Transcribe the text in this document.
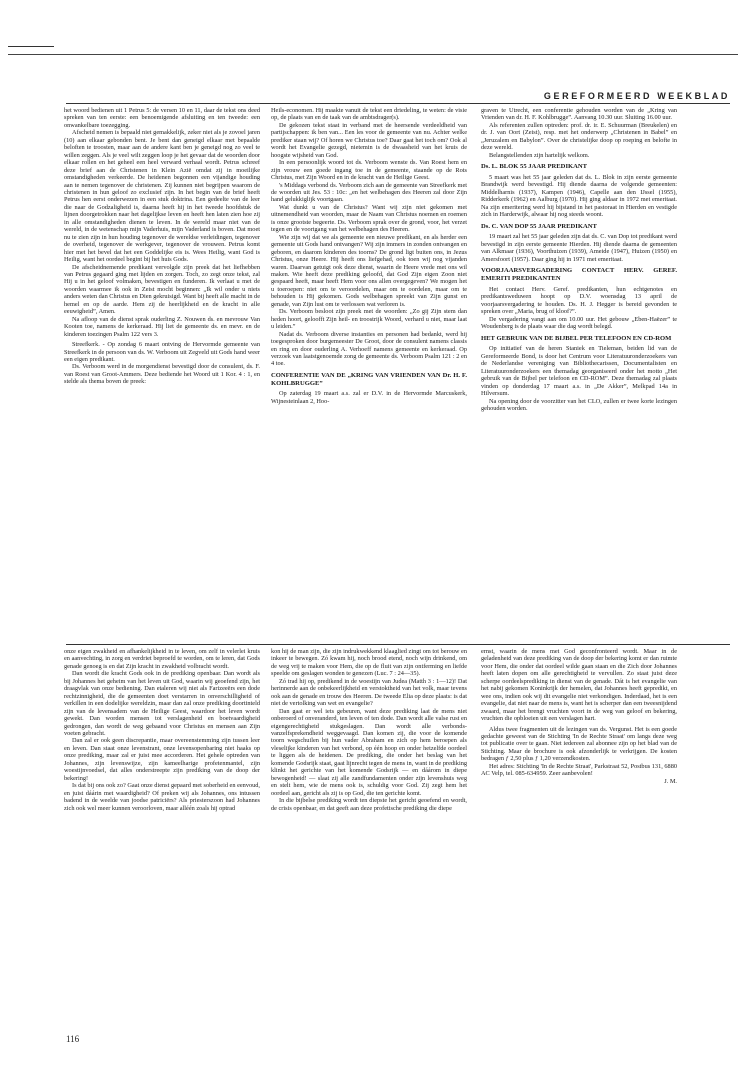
GEREFORMEERD WEEKBLAD

het woord bedienen uit 1 Petrus 5: de versen 10 en 11, daar de tekst ons deed spreken van ten eerste: een benoemigende afsluiting en ten tweede: een onwankelbare toezegging.

Afscheid nemen is bepaald niet gemakkelijk, zeker niet als je zovoel jaren (10) aan elkaar gebonden bent. Je bent dan geneigd elkaar met bepaalde beloften te troosten, maar aan de andere kant ben je geneigd nog zo veel te willen zeggen. Als je veel wilt zeggen loop je het gevaar dat de woorden door elkaar rollen en het geheel een heel verward verhaal wordt. Petrus schreef deze brief aan de Christenen in Klein Azië omdat zij in moeilijke omstandigheden verkeerde. De heidenen begonnen een vijandige houding aan te nemen tegenover de christenen. Zij kunnen niet begrijpen waarom de christenen in hun geloof zo exclusief zijn. In het begin van de brief heeft Petrus hen eerst onderwezen in een stuk doktrina. Een gedeelte van de leer die naar de Godzaligheid is, daarna heeft hij in het tweede hoofdstuk de lijnen doorgetrokken naar het dagelijkse leven en heeft hen laten zien hoe zij in alle omstandigheden dienen te leven. In de wereld maar niet van de wereld, in de wetenschap mijn Vaderhuis, mijn Vaderland is boven. Dat moet nu te zien zijn in hun houding tegenover de wereldse verleidingen, tegenover de overheid, tegenover de werkgever, tegenover de vrouwen. Petrus komt hier met het bevel dat het een Goddelijke eis is. Wees Heilig, want God is Heilig, want het oordeel begint bij het huis Gods.

De afscheidnemende predikant vervolgde zijn preek dat het liefhebben van Petrus gegaard ging met lijden en zorgen. Toch, zo zegt onze tekst, zal Hij u in het geloof volmaken, bevestigen en funderen. Ik verlaat u met de woorden waarmee ik ook in Zeist mocht beginnen: „Ik wil onder u niets anders weten dan Christus en Dien gekruisigd. Want bij heeft alle macht in de hemel en op de aarde. Hem zij de heerlijkheid en de kracht in alle eeuwigheid”, Amen.

Na afloop van de dienst sprak ouderling Z. Nouwen ds. en mevrouw Van Kooten toe, namens de kerkeraad. Hij liet de gemeente ds. en mevr. en de kinderen toezingen Psalm 122 vers 3.

Streefkerk. - Op zondag 6 maart ontving de Hervormde gemeente van Streefkerk in de persoon van ds. W. Verboom uit Zegveld uit Gods hand weer een eigen predikant.

Ds. Verboom werd in de morgendienst bevestigd door de consulent, ds. F. van Roest van Groot-Ammers. Deze bediende het Woord uit 1 Kor. 4 : 1, en stelde als thema boven de preek:

Heils-economen. Hij maakte vanuit de tekst een driedeling, te weten: de visie op, de plaats van en de taak van de ambtsdrager(s).

De gekozen tekst staat in verband met de heersende verdeeldheid van partijschappen: ik ben van... Een les voor de gemeente van nu. Achter welke prediker staan wij? Of horen we Christus toe? Daar gaat het toch om? Ook al wordt het Evangelie gezegd, nietemin is de dwaasheid van het kruis de hoogste wijsheid van God.

In een persoonlijk woord tot ds. Verboom wenste ds. Van Roest hem en zijn vrouw een goede ingang toe in de gemeente, staande op de Rots Christus, met Zijn Woord en in de kracht van de Heilige Geest.

's Middags verbond ds. Verboom zich aan de gemeente van Streefkerk met de woorden uit Jes. 53 : 10c: „en het welbehagen des Heeren zal door Zijn hand gelukkiglijk voortgaan.

Wat dunkt u van de Christus? Want wij zijn niet gekomen met uitnemendheid van woorden, maar de Naam van Christus noemen en roemen is onze grootste begeerte. Ds. Verboom sprak over de grond, voor, het verzet tegen en de voortgang van het welbehagen des Heeren.

Wie zijn wij dat we als gemeente een nieuwe predikant, en als herder een gemeente uit Gods hand ontvangen? Wij zijn immers in zonden ontvangen en geboren, en daarom kinderen des toorns? De grond ligt buiten ons, in Jezus Christus, onze Heere. Hij heeft ons liefgehad, ook toen wij nog vijanden waren. Daarvan getuigt ook deze dienst, waarin de Heere vrede met ons wil maken. Wie heeft deze prediking geloofd, dat God Zijn eigen Zoon niet gespaard heeft, maar heeft Hem voor ons allen overgegeven? We mogen het u toeroepen: niet om te veroordelen, maar om te oordelen, maar om te behouden is Hij gekomen. Gods welbehagen spreekt van Zijn gunst en genade, van Zijn lust om te verlossen wat verloren is.

Ds. Verboom besloot zijn preek met de woorden: „Zo gij Zijn stem dan heden hoort, geloofft Zijn heil- en troostrijk Woord, verhard u niet, maar laat u leiden.”

Nadat ds. Verboom diverse instanties en personen had bedankt, werd hij toegesproken door burgemeester De Groot, door de consulent namens classis en ring en door ouderling A. Verhoeff namens gemeente en kerkeraad. Op verzoek van laatstgenoemde zong de gemeente ds. Verboom Psalm 121 : 2 en 4 toe.

CONFERENTIE VAN DE „KRING VAN VRIENDEN VAN Dr. H. F. KOHLBRUGGE”

Op zaterdag 19 maart a.s. zal er D.V. in de Hervormde Marcuskerk, Wijnesteinlaan 2, Hoo-

graven te Utrecht, een conferentie gehouden worden van de „Kring van Vrienden van dr. H. F. Kohlbrugge”. Aanvang 10.30 uur. Sluiting 16.00 uur.

Als referenten zullen optreden: prof. dr. ir. E. Schuurman (Breukelen) en dr. J. van Oort (Zeist), resp. met het onderwerp „Christenen in Babel” en „Jeruzalem en Babylon”. Over de christelijke doop op roeping en belofte in deze wereld.

Belangstellenden zijn hartelijk welkom.

Ds. L. BLOK 55 JAAR PREDIKANT

5 maart was het 55 jaar geleden dat ds. L. Blok in zijn eerste gemeente Brandwijk werd bevestigd. Hij diende daarna de volgende gemeenten: Middelharnis (1937), Kampen (1946), Capelle aan den IJssel (1955), Ridderkerk (1962) en Aalburg (1970). Hij ging aldaar in 1972 met emeritaat. Na zijn emeritering werd hij bijstand in het pastoraat in Hierden en vestigde zich in Harderwijk, alwaar hij nog steeds woont.

Ds. C. VAN DOP 55 JAAR PREDIKANT

19 maart zal het 55 jaar geleden zijn dat ds. C. van Dop tot predikant werd bevestigd in zijn eerste gemeente Hierden. Hij diende daarna de gemeenten van Alkmaar (1936), Voorthuizen (1939), Ameide (1947), Huizen (1950) en Amersfoort (1957). Daar ging hij in 1971 met emeritaat.

VOORJAARSVERGADERING CONTACT HERV. GEREF. EMERITI PREDIKANTEN

Het contact Herv. Geref. predikanten, hun echtgenotes en predikantsweduwen hoopt op D.V. woensdag 13 april de voorjaarsvergadering te houden. Ds. H. J. Hegger is bereid gevonden te spreken over „Maria, brug of kloof?”.

De vergadering vangt aan om 10.00 uur. Het gebouw „Eben-Haëzer” te Woudenberg is de plaats waar die dag wordt belegd.

HET GEBRUIK VAN DE BIJBEL PER TELEFOON EN CD-ROM

Op initiatief van de heren Staniek en Tieleman, beiden lid van de Gereformeerde Bond, is door het Centrum voor Literatuuronderzoekers van de Nederlandse vereniging van Bibliothecarissen, Documentalisten en Literatuuronderzoekers een themadag georganiseerd onder het motto „Het gebruik van de Bijbel per telefoon en CD-ROM”. Deze themadag zal plaats vinden op donderdag 17 maart a.s. in „De Akker”, Melkpad 14a in Hilversum.

Na opening door de voorzitter van het CLO, zullen er twee korte lezingen gehouden worden.

onze eigen zwakheid en afhankelijkheid in te leven, om zelf in velerlei kruis en aanvechting, in zorg en verdriet beproefd te worden, om te leren, dat Gods genade genoeg is en dat Zijn kracht in zwakheid volbracht wordt.

Dan wordt die kracht Gods ook in de prediking openbaar. Dan wordt als bij Johannes het geheim van het leven uit God, waarin wij geoefend zijn, het draagvlak van onze bediening. Dan etaleren wij niet als Farizeeërs een dode rechtzinnigheid, die de gemeenten doet verstarren in onverschilligheid of verkillen in een dodelijke wereldzin, maar dan zal onze prediking doortinteld zijn van de levensadem van de Heilige Geest, waardoor het leven wordt gewekt. Dan worden mensen tot verslagenheid en boetvaardigheid gedrongen, dan wordt de weg gebaand voor Christus en mensen aan Zijn voeten gebracht.

Dan zal er ook geen discrepantie, maar overeenstemming zijn tussen leer en leven. Dan staat onze levenstrant, onze levensopenbaring niet haaks op onze prediking, maar zal er juist mee accorderen. Het gehele optreden van Johannes, zijn levenswijze, zijn kameelharige profetenmantel, zijn woestijnvoedsel, dat alles onderstreepte zijn prediking van de doop der bekering!

Is dat bij ons ook zo? Gaat onze dienst gepaard met soberheid en eenvoud, en juist dáárin met waardigheid? Of preken wij als Johannes, ons intussen badend in de weelde van joodse patriciërs? Als priesterszoon had Johannes zich ook wel meer kunnen veroorloven, maar alléén zoals hij optrad

kon hij de man zijn, die zijn indrukwekkend klaaglied zingt om tot berouw en inkeer te bewegen. Zó kwam hij, noch brood etend, noch wijn drinkend, om de weg vrij te maken voor Hem, die op de fluit van zijn ontferming en liefde speelde om geslagen wonden te genezen (Luc. 7 : 24—35).

Zó trad hij op, predikend in de woestijn van Judea (Matth 3 : 1—12)! Dat herinnerde aan de onbekeerlijkheid en verstoktheid van het volk, maar tevens ook aan de genade en trouw des Heeren. De tweede Elia op deze plaats: is dat niet de vertolking van wet en evangelie?

Dan gaat er wel iets gebeuren, want deze prediking laat de mens niet onberoerd of onveranderd, ten leven of ten dode. Dan wordt alle valse rust en eigengerechtigheid stukgeslagen. Dan wordt alle verbonds-vanzelfsprekendheid weggevaagd. Dan komen zij, die voor de komende toorn wegschuilen bij hun vader Abraham en zich op hem beroepen als vleselijke kinderen van het verbond, op één hoop en onder hetzelfde oordeel te liggen als de heidenen. De prediking, die onder het beslag van het komende Godsrijk staat, gaat lijnrecht tegen de mens in, want in de prediking klinkt het gerichte van het komende Godsrijk — en dáárom in diepe bewogenheid! — slaat zij alle zandfundamenten onder zijn levenshuis weg en stelt hem, wie de mens ook is, schuldig voor God. Zij zegt hem het oordeel aan, gericht als zij is op God, die ten gerichte komt.

In die bijbelse prediking wordt ten diepste het gericht geoefend en wordt, de crisis openbaar, en dat geeft aan deze profetische prediking die diepe

ernst, waarin de mens met God geconfronteerd wordt. Maar in de geladenheid van deze prediking van de doop der bekering komt er dan ruimte voor Hem, die onder dat oordeel wilde gaan staan en die Zich door Johannes heeft laten dopen om alle gerechtigheid te vervullen. Zo staat juist deze scherpe oordeelsprediking in dienst van de genade. Dát is het evangelie van het nabij gekomen Koninkrijk der hemelen, dat Johannes heeft gepredikt, en wee ons, indien ook wij dit evangelie niet verkondigen. Inderdaad, het is een evangelie, dat niet naar de mens is, want het is scherper dan een tweesnijdend zwaard, maar het brengt vruchten voort in de weg van geloof en bekering, vruchten die opbloeien uit een verslagen hart.

Aldus twee fragmenten uit de lezingen van ds. Vergunst. Het is een goede gedachte geweest van de Stichting 'In de Rechte Straat' om langs deze weg tot publicatie over te gaan. Niet iedereen zal abonnee zijn op het blad van de Stichting. Maar de brochure is ook afzonderlijk te verkrijgen. De kosten bedragen ƒ 2,50 plus ƒ 1,20 verzendkosten.

Het adres: Stichting 'In de Rechte Straat', Parkstraat 52, Postbus 131, 6880 AC Velp, tel. 085-634959. Zeer aanbevolen!

J. M.

116
